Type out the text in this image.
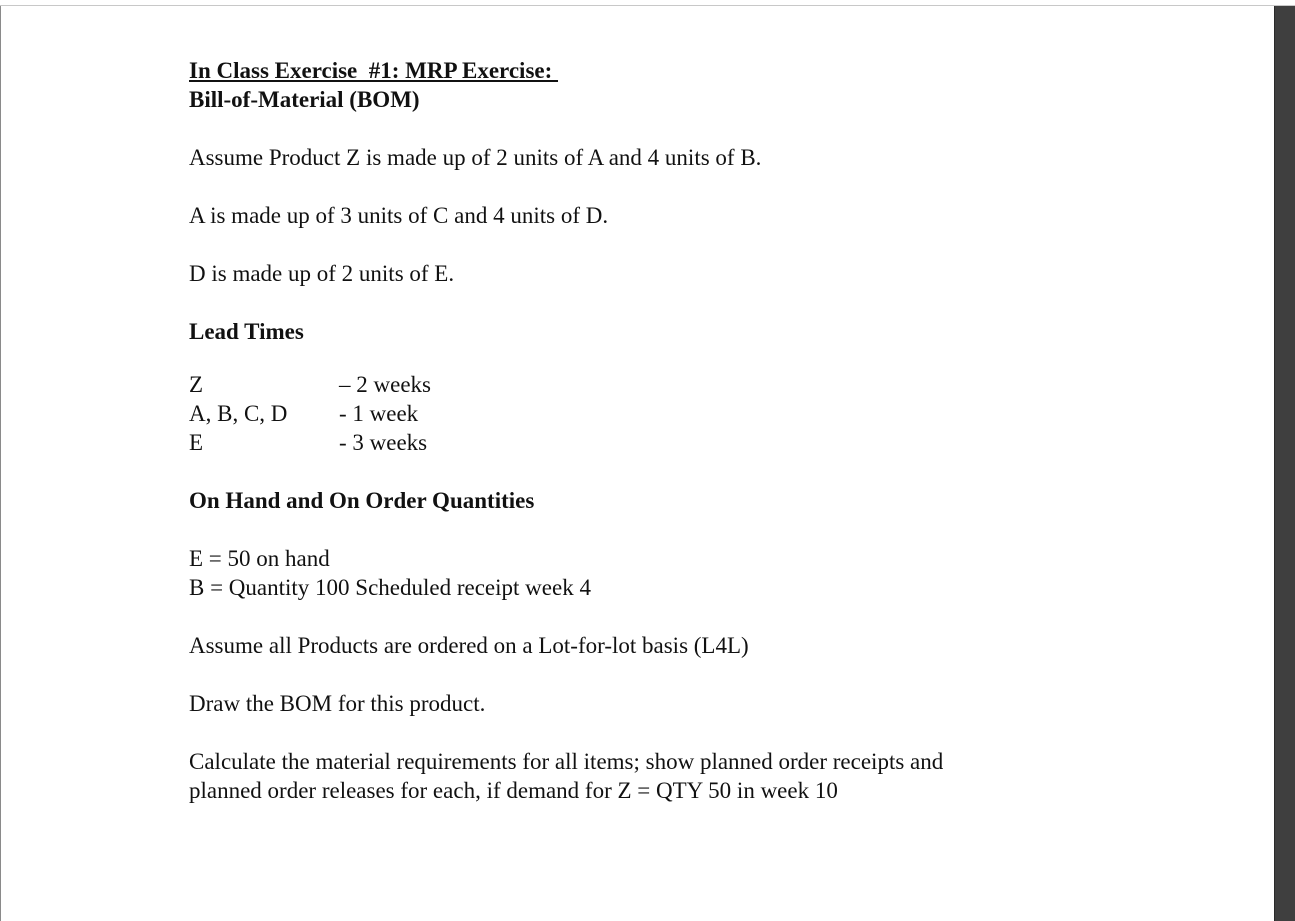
In Class Exercise  #1: MRP Exercise:
Bill-of-Material (BOM)
Assume Product Z is made up of 2 units of A and 4 units of B.
A is made up of 3 units of C and 4 units of D.
D is made up of 2 units of E.
Lead Times
Z	– 2 weeks
A, B, C, D - 1 week
E	- 3 weeks
On Hand and On Order Quantities
E = 50 on hand
B = Quantity 100 Scheduled receipt week 4
Assume all Products are ordered on a Lot-for-lot basis (L4L)
Draw the BOM for this product.
Calculate the material requirements for all items; show planned order receipts and
planned order releases for each, if demand for Z = QTY 50 in week 10
